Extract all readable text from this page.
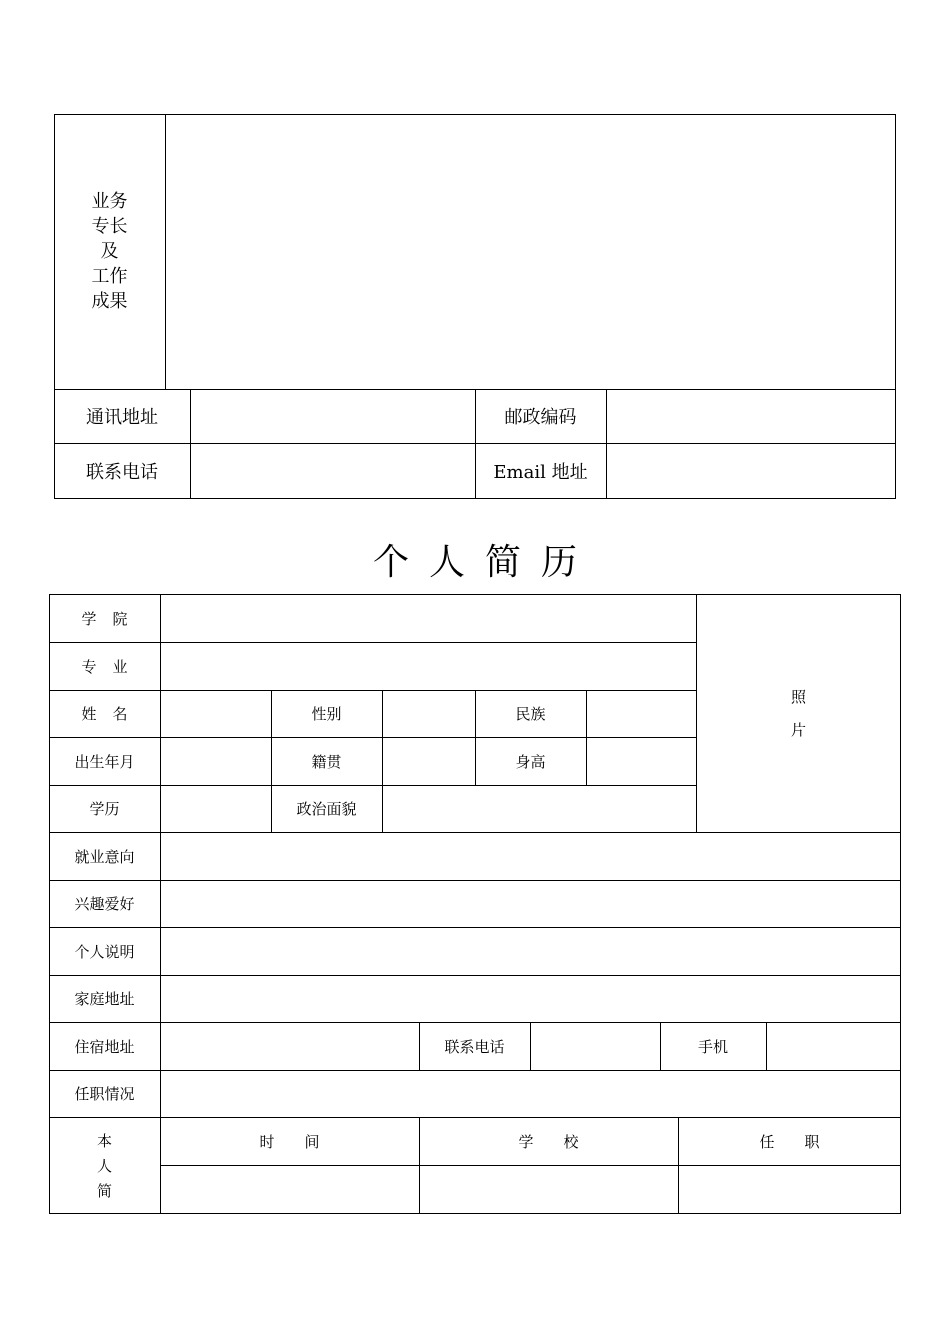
业务
专长
及
工作
成果
通讯地址	邮政编码
联系电话	Email 地址
个人简历
学 院
专 业
姓 名	性别	民族
出生年月	籍贯	身高
学历	政治面貌
照
片
就业意向
兴趣爱好
个人说明
家庭地址
住宿地址	联系电话	手机
任职情况
本
人
简
时　　间	学　　校	任　　职
